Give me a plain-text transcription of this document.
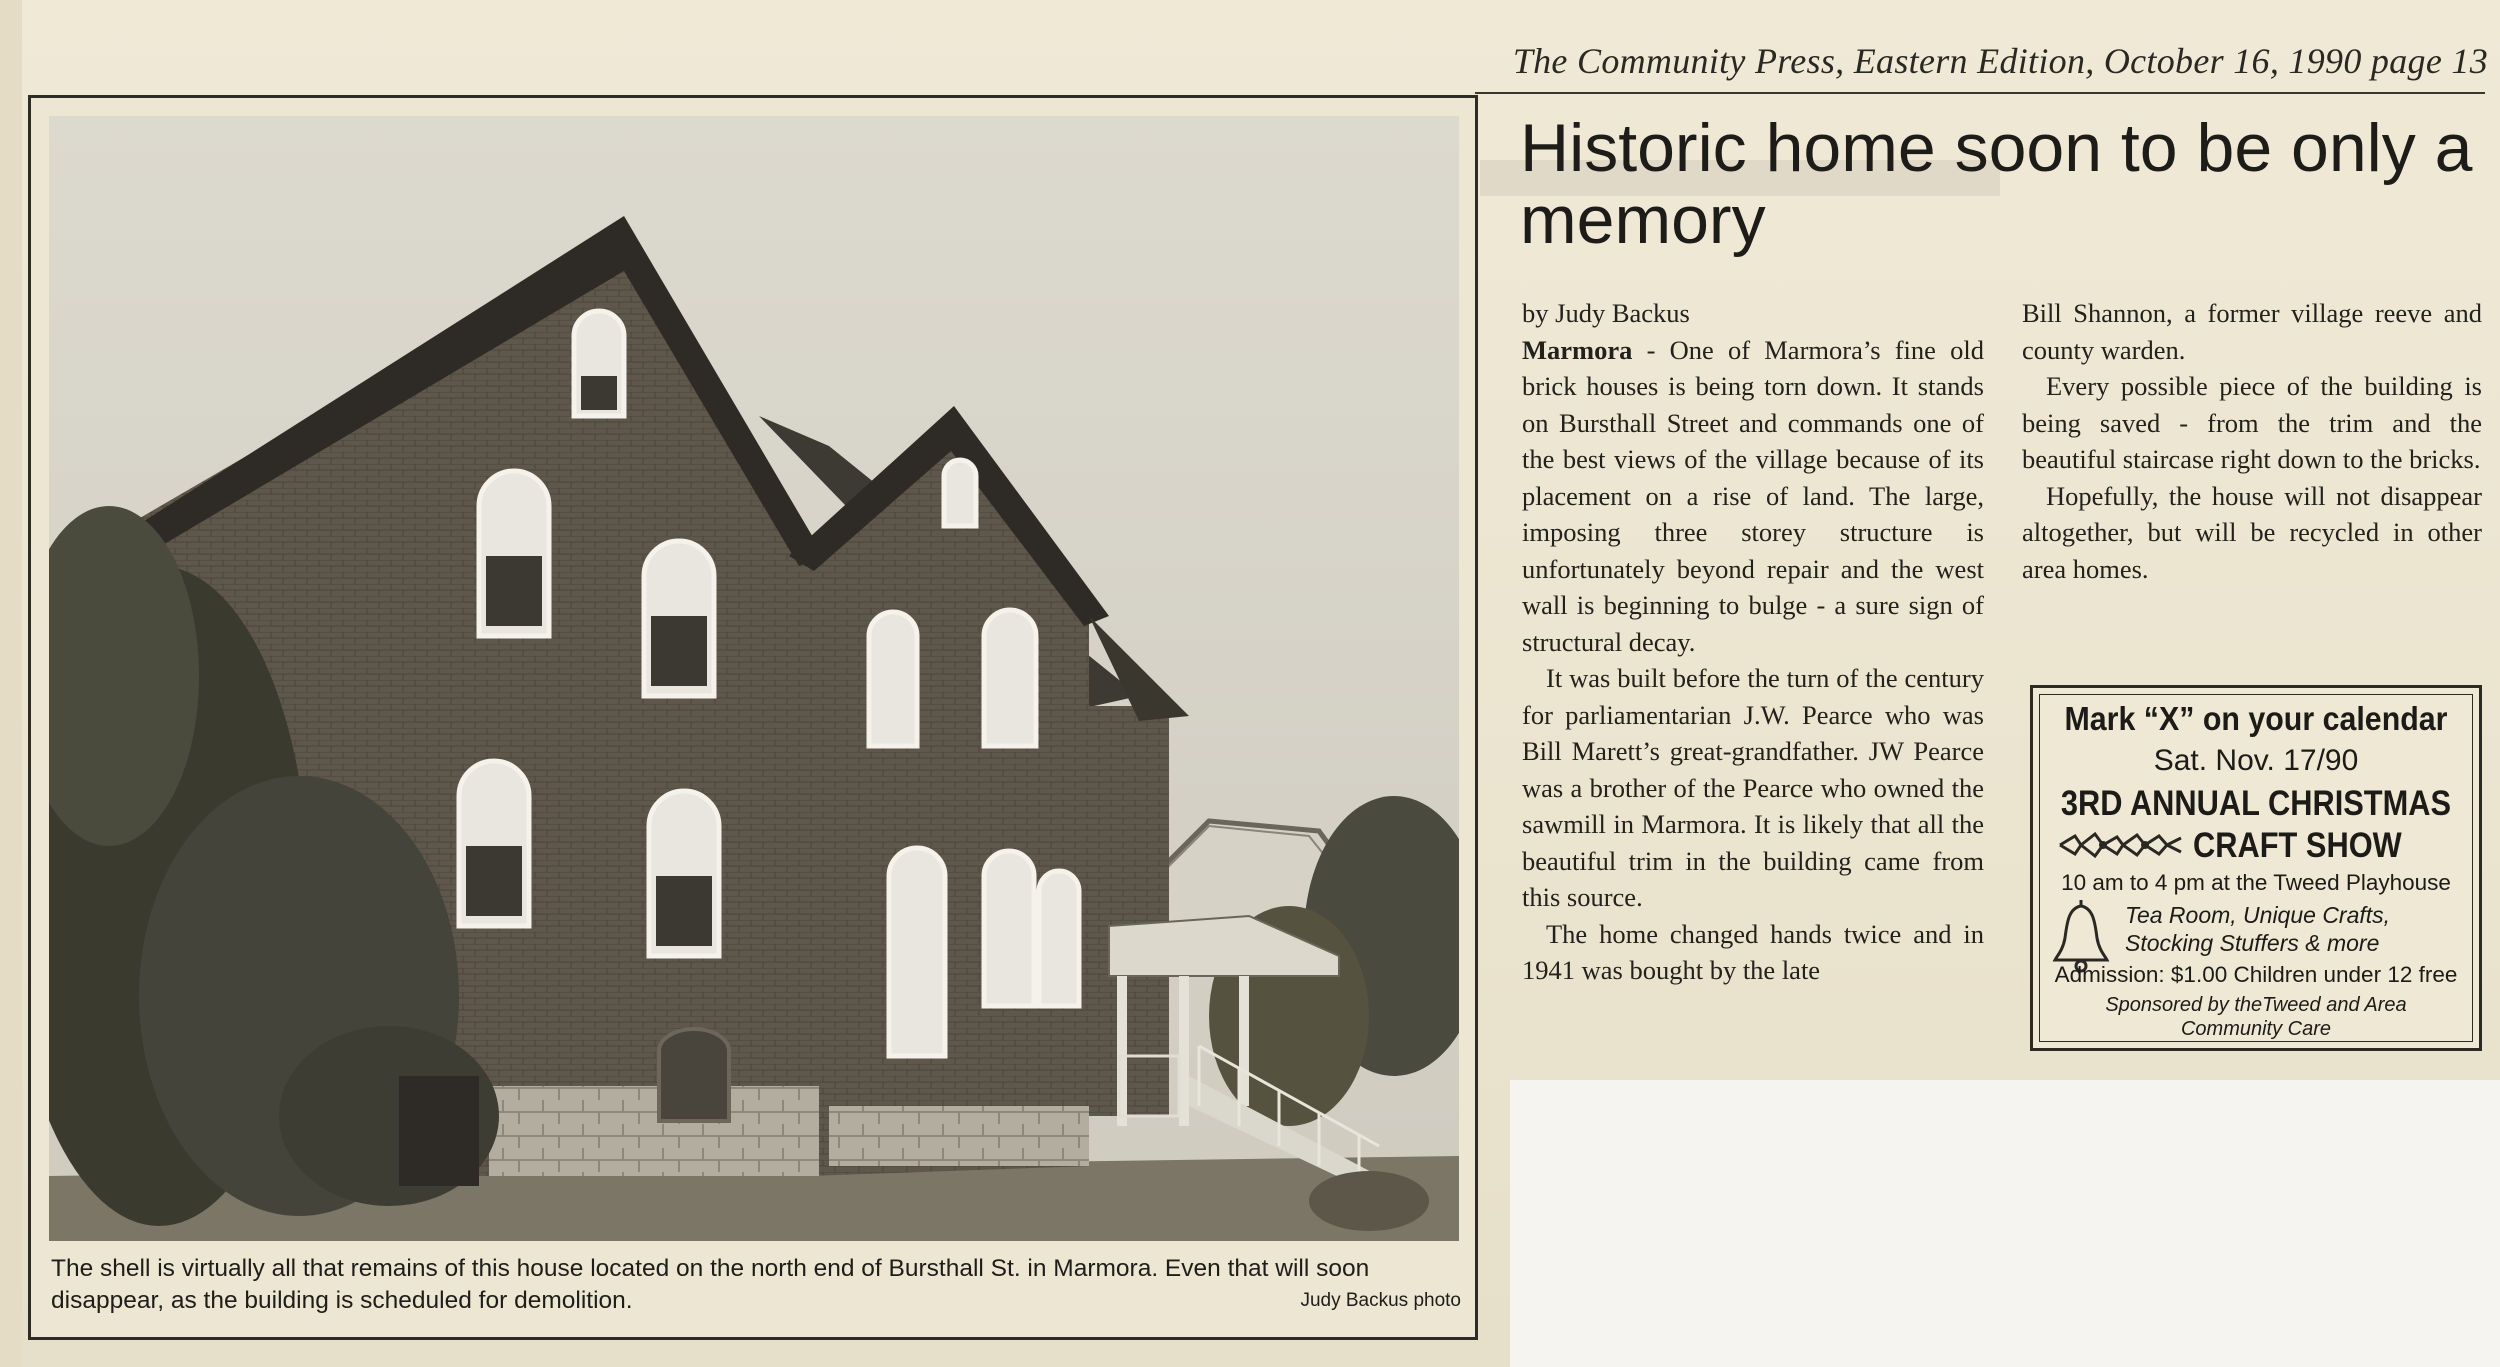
The Community Press, Eastern Edition, October 16, 1990 page 13
The shell is virtually all that remains of this house located on the north end of Bursthall St. in Marmora. Even that will soon disappear, as the building is scheduled for demolition.	Judy Backus photo
Historic home soon to be only a memory

by Judy Backus

Marmora - One of Marmora’s fine old brick houses is being torn down. It stands on Bursthall Street and commands one of the best views of the village because of its placement on a rise of land. The large, imposing three storey structure is unfortunately beyond repair and the west wall is beginning to bulge - a sure sign of structural decay.

It was built before the turn of the century for parliamentarian J.W. Pearce who was Bill Marett’s great-grandfather. JW Pearce was a brother of the Pearce who owned the sawmill in Marmora. It is likely that all the beautiful trim in the building came from this source.

The home changed hands twice and in 1941 was bought by the late

Bill Shannon, a former village reeve and county warden.

Every possible piece of the building is being saved - from the trim and the beautiful staircase right down to the bricks.

Hopefully, the house will not disappear altogether, but will be recycled in other area homes.

Mark “X” on your calendar
Sat. Nov. 17/90
3RD ANNUAL CHRISTMAS
CRAFT SHOW
10 am to 4 pm at the Tweed Playhouse
Tea Room, Unique Crafts,
Stocking Stuffers & more
Admission: $1.00 Children under 12 free
Sponsored by theTweed and Area
Community Care
